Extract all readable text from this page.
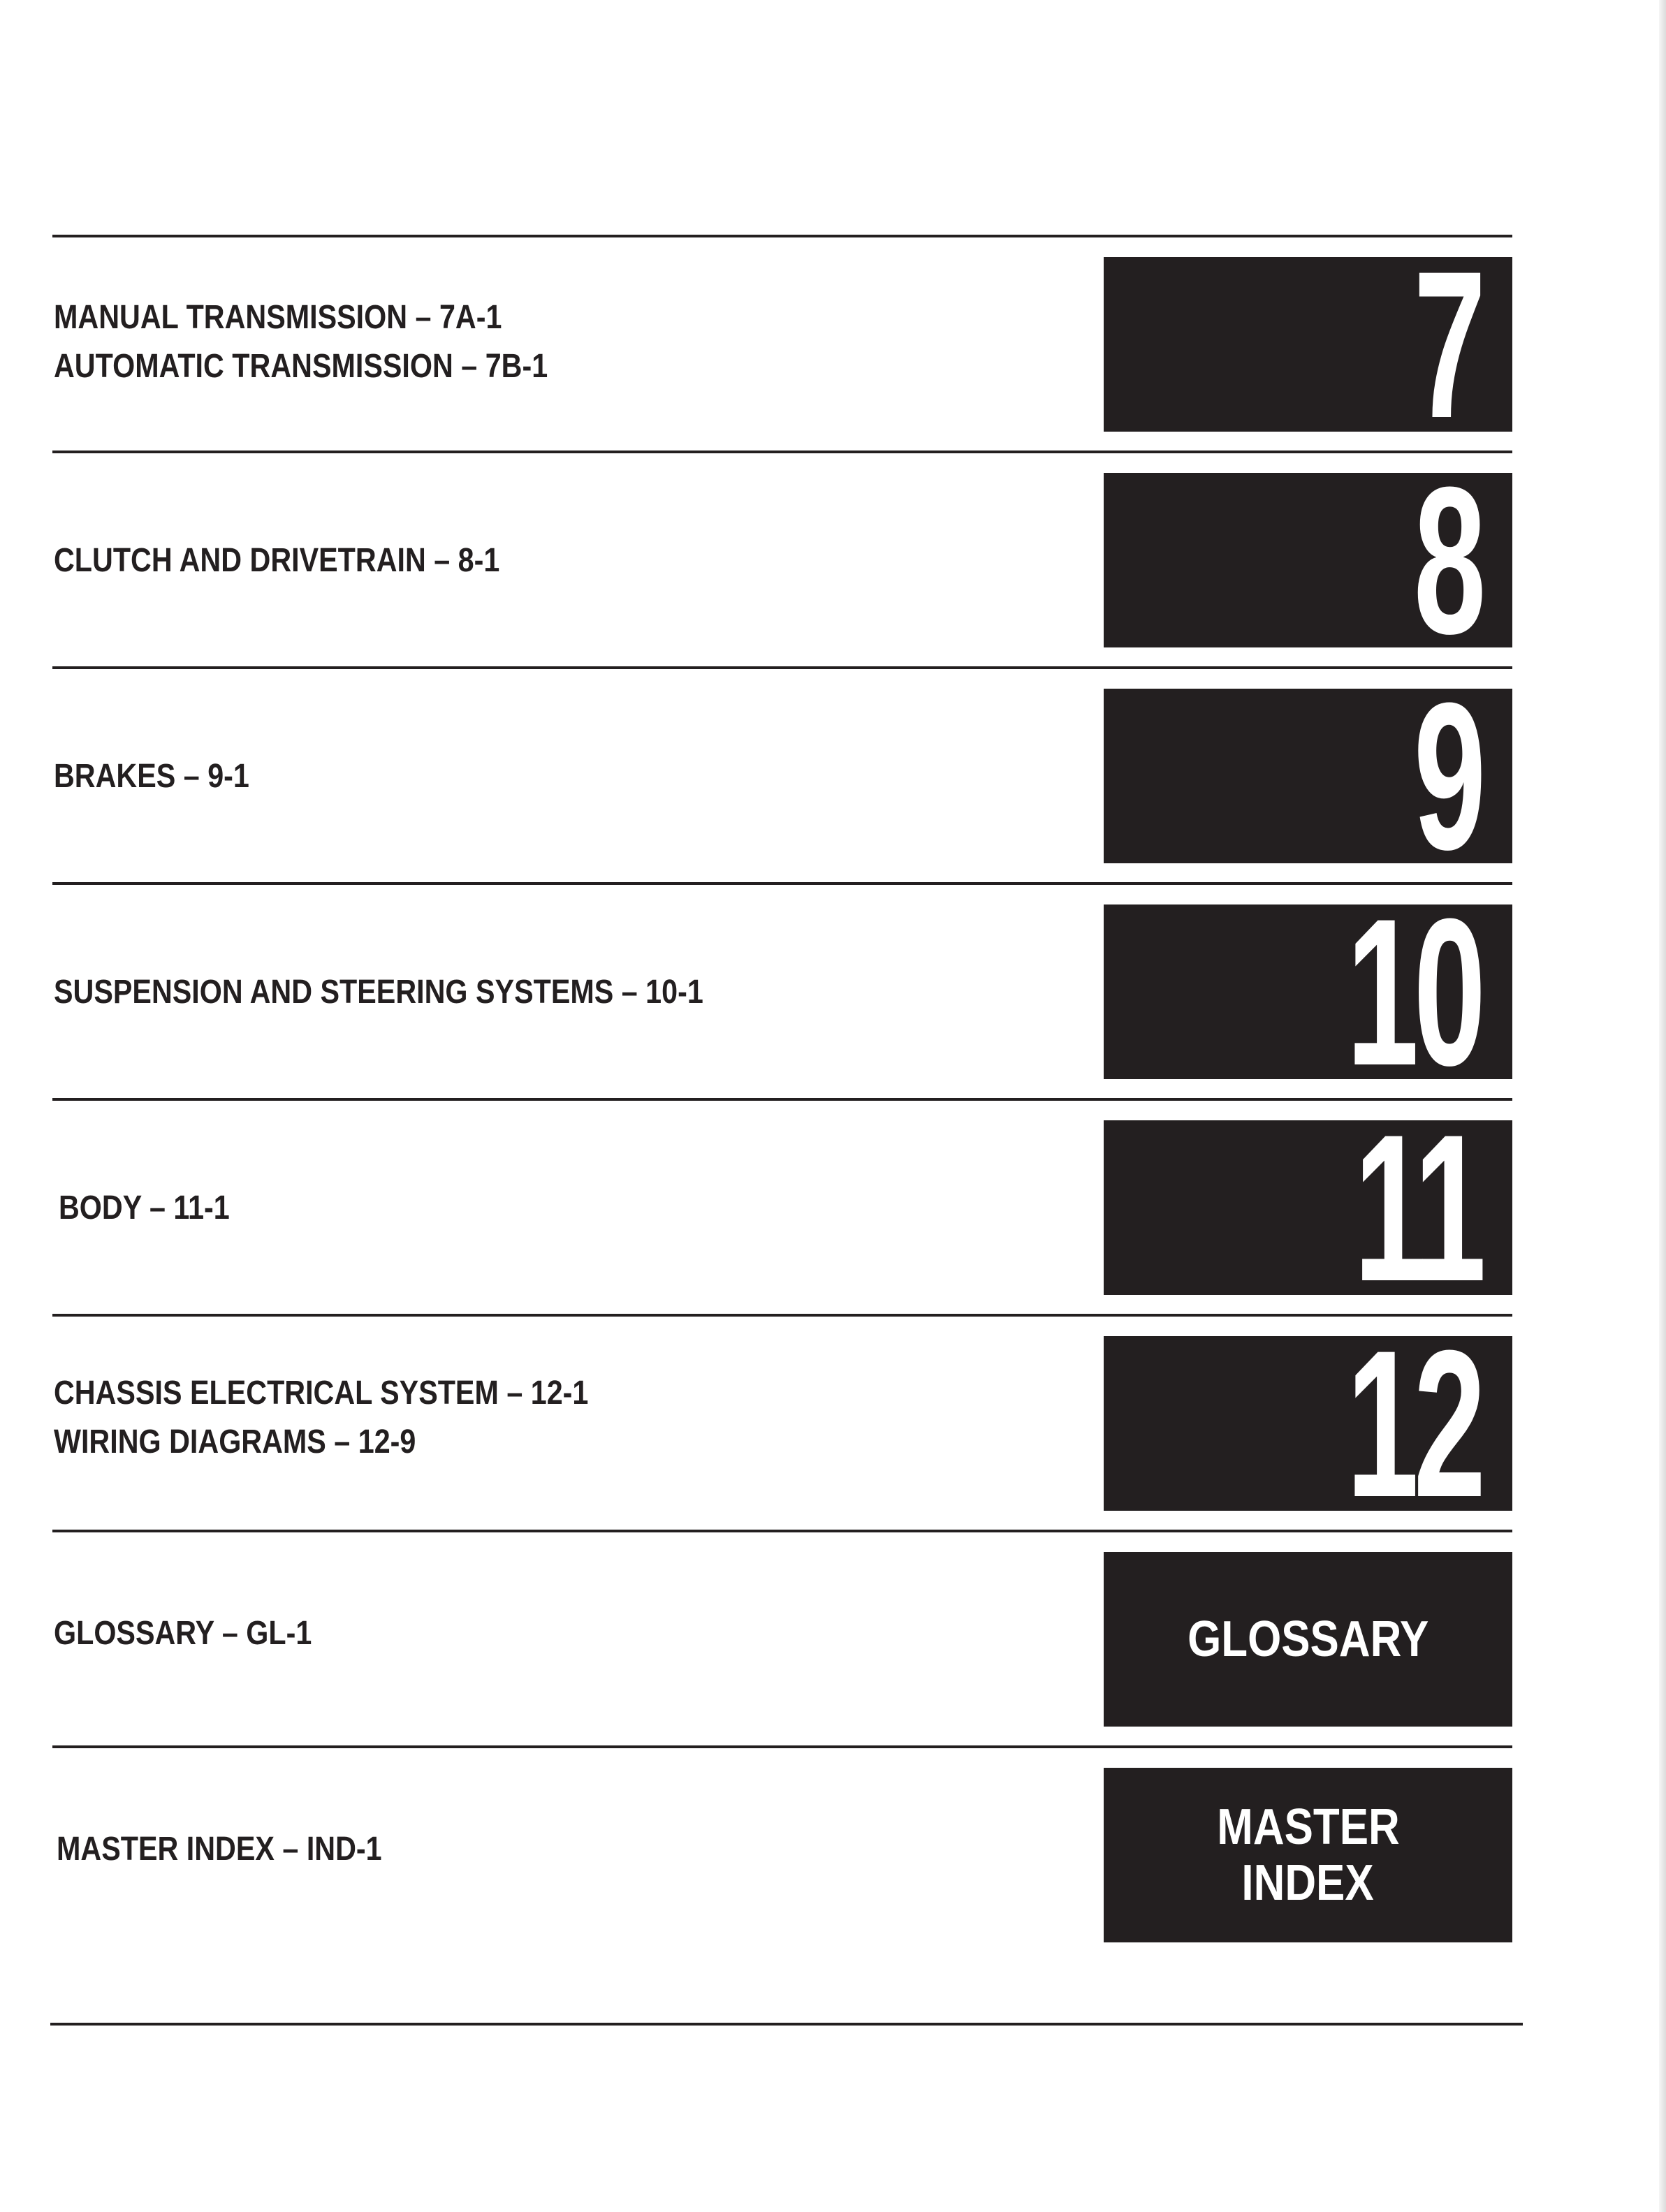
MANUAL TRANSMISSION – 7A-1
AUTOMATIC TRANSMISSION – 7B-1	7
CLUTCH AND DRIVETRAIN – 8-1	8
BRAKES – 9-1	9
SUSPENSION AND STEERING SYSTEMS – 10-1	10
BODY – 11-1	11
CHASSIS ELECTRICAL SYSTEM – 12-1
WIRING DIAGRAMS – 12-9	12
GLOSSARY – GL-1	GLOSSARY
MASTER INDEX – IND-1	MASTER
INDEX
